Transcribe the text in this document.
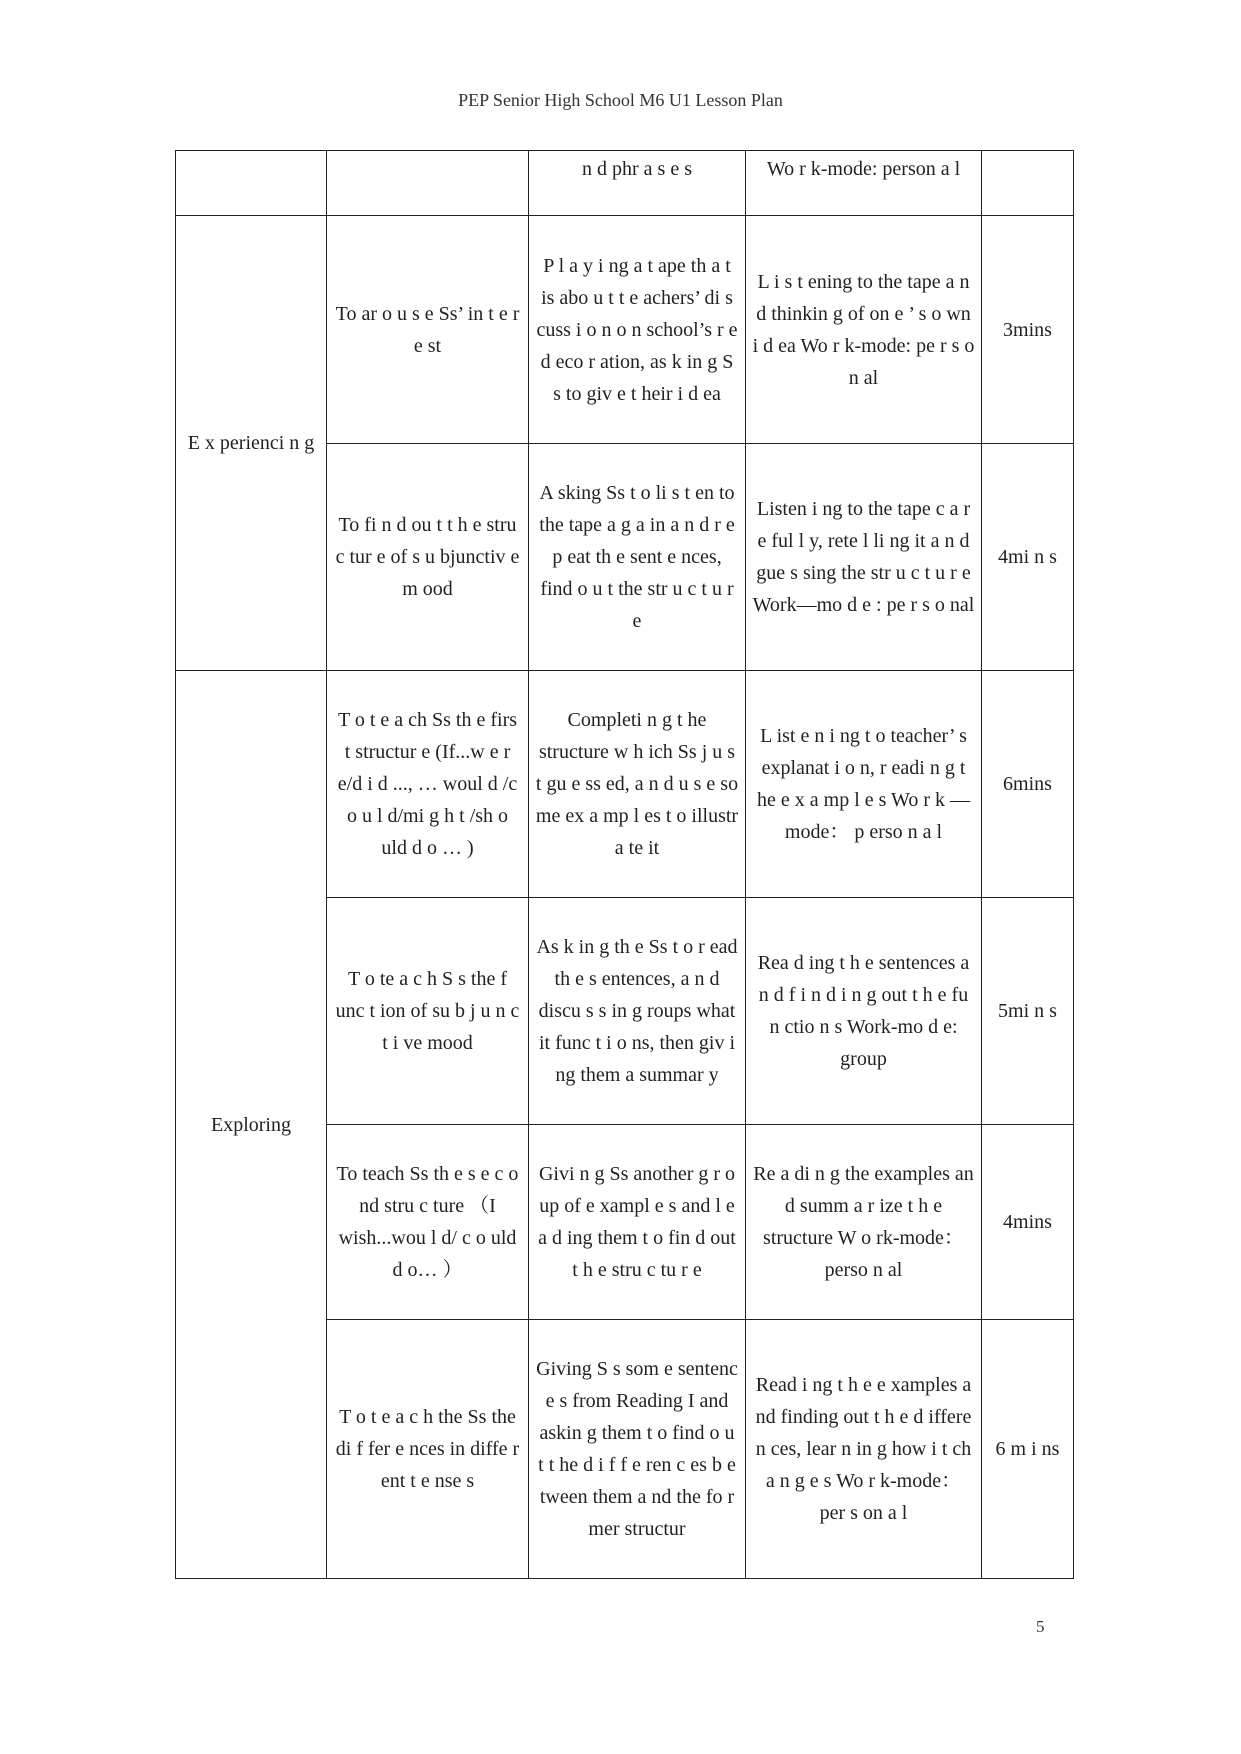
PEP Senior High School M6 U1 Lesson Plan
		n d phr a s e s	Wo r k-mode: person a l	
E x perienci n g	To ar o u s e Ss’ in t e r e st	P l a y i ng a t ape th a t is abo u t t e achers’ di s cuss i o n o n school’s r e d eco r ation, as k in g S s to giv e t heir i d ea	L i s t ening to the tape a n d thinkin g of on e ’ s o wn i d ea Wo r k-mode: pe r s o n al	3mins
	To fi n d ou t t h e stru c tur e of s u bjunctiv e m ood	A sking Ss t o li s t en to the tape a g a in a n d r e p eat th e sent e nces, find o u t the str u c t u r e	Listen i ng to the tape c a r e ful l y, rete l li ng it a n d gue s sing the str u c t u r e Work—mo d e : pe r s o nal	4mi n s
Exploring	T o t e a ch Ss th e firs t structur e (If...w e r e/d i d ..., … woul d /c o u l d/mi g h t /sh o uld d o … )	Completi n g t he structure w h ich Ss j u s t gu e ss ed, a n d u s e so me ex a mp l es t o illustr a te it	L ist e n i ng t o teacher’ s explanat i o n, r eadi n g t he e x a mp l e s Wo r k —mode： p erso n a l	6mins
	T o te a c h S s the f unc t ion of su b j u n c t i ve mood	As k in g th e Ss t o r ead th e s entences, a n d discu s s in g roups what it func t i o ns, then giv i ng them a summar y	Rea d ing t h e sentences a n d f i n d i n g out t h e fu n ctio n s Work-mo d e: group	5mi n s
	To teach Ss th e s e c o nd stru c ture （I wish...wou l d/ c o uld d o… ）	Givi n g Ss another g r o up of e xampl e s and l e a d ing them t o fin d out t h e stru c tu r e	Re a di n g the examples an d summ a r ize t h e structure W o rk-mode： perso n al	4mins
	T o t e a c h the Ss the di f fer e nces in diffe r ent t e nse s	Giving S s som e sentenc e s from Reading I and askin g them t o find o u t t he d i f f e ren c es b e tween them a nd the fo r mer structur	Read i ng t h e e xamples a nd finding out t h e d iffere n ces, lear n in g how i t ch a n g e s Wo r k-mode： per s on a l	6 m i ns
5
